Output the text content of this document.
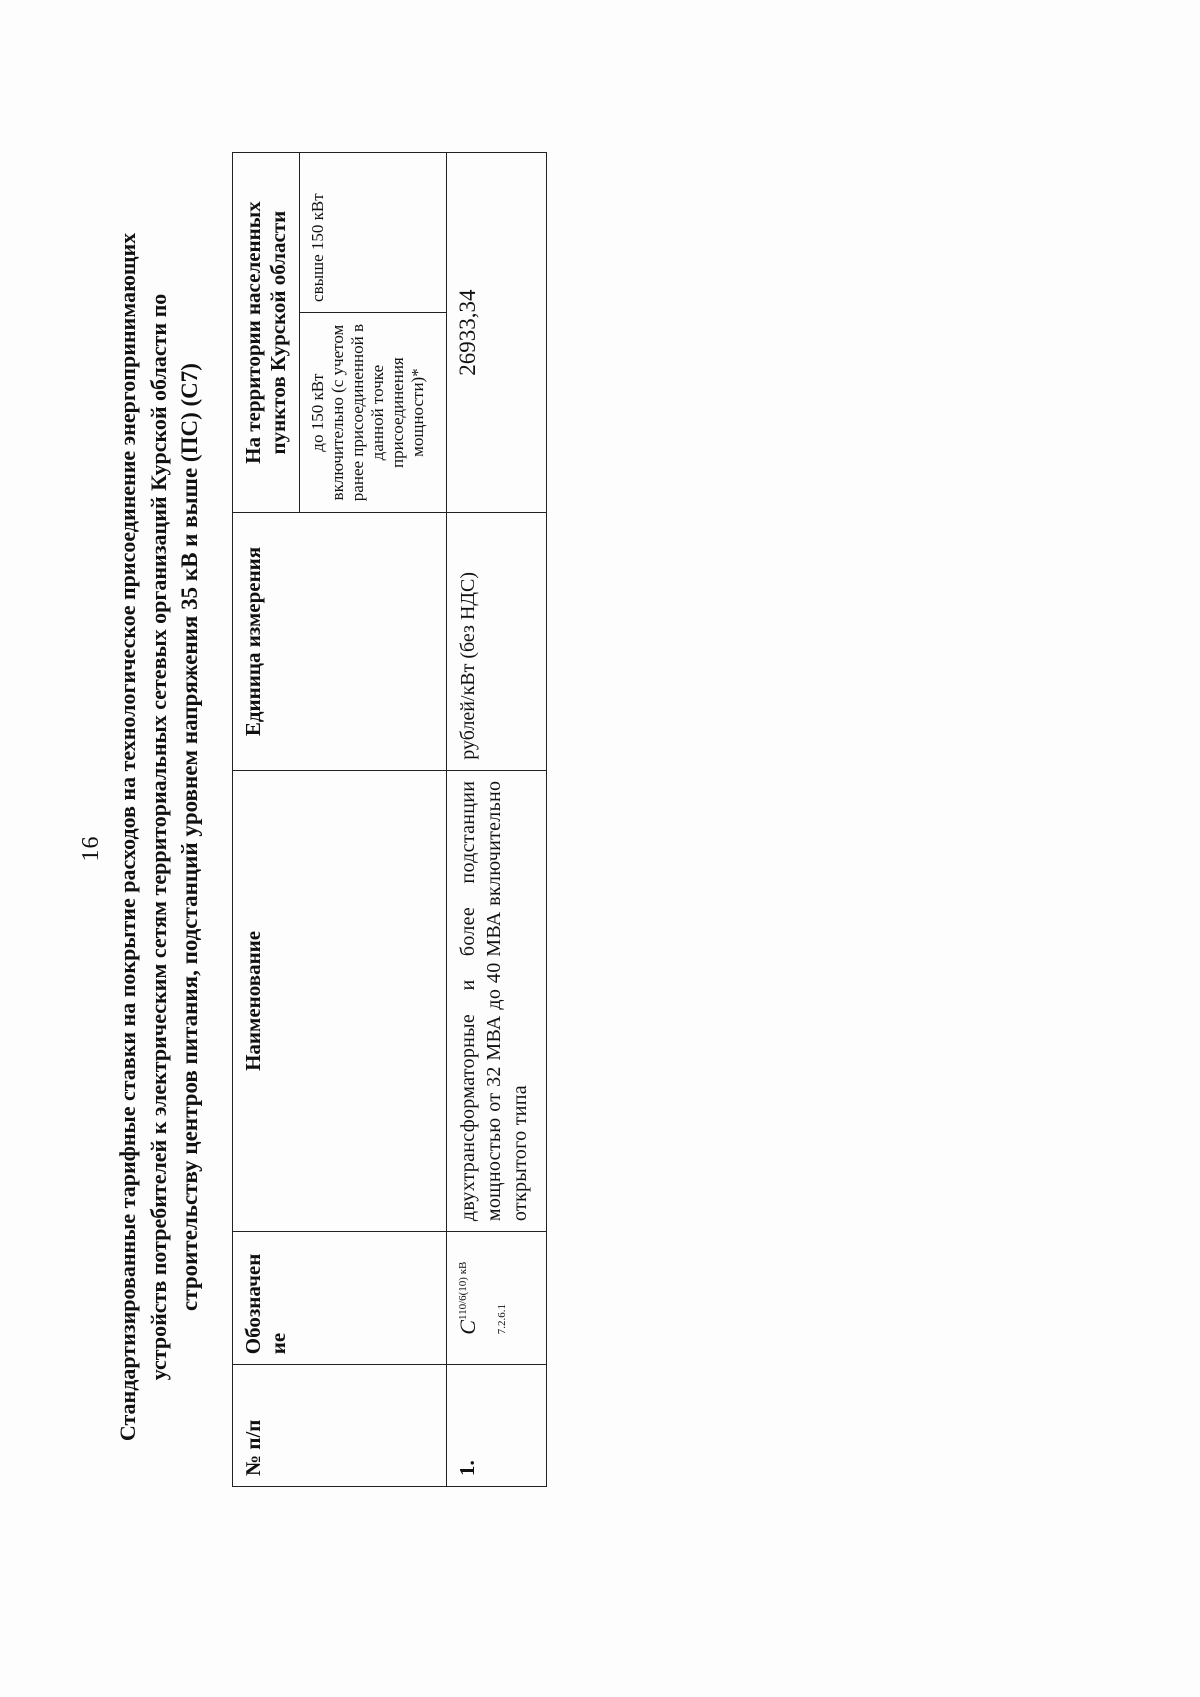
16 Стандартизированные тарифные ставки на покрытие расходов на технологическое присоединение энергопринимающих устройств потребителей к электрическим сетям территориальных сетевых организаций Курской области по строительству центров питания, подстанций уровнем напряжения 35 кВ и выше (ПС) (С7)
№ п/п	Обозначен ие	Наименование	Единица измерения	На территории населенных пунктов Курской области	
				до 150 кВт включительно (с учетом ранее присоединенной в данной точке присоединения мощности)*	свыше 150 кВт
1.	$C^{110/6(10) кВ}$ 7.2.6.1	двухтрансформаторные и более подстанции мощностью от 32 МВА до 40 МВА включительно открытого типа	рублей/кВт (без НДС)	26933,34	
